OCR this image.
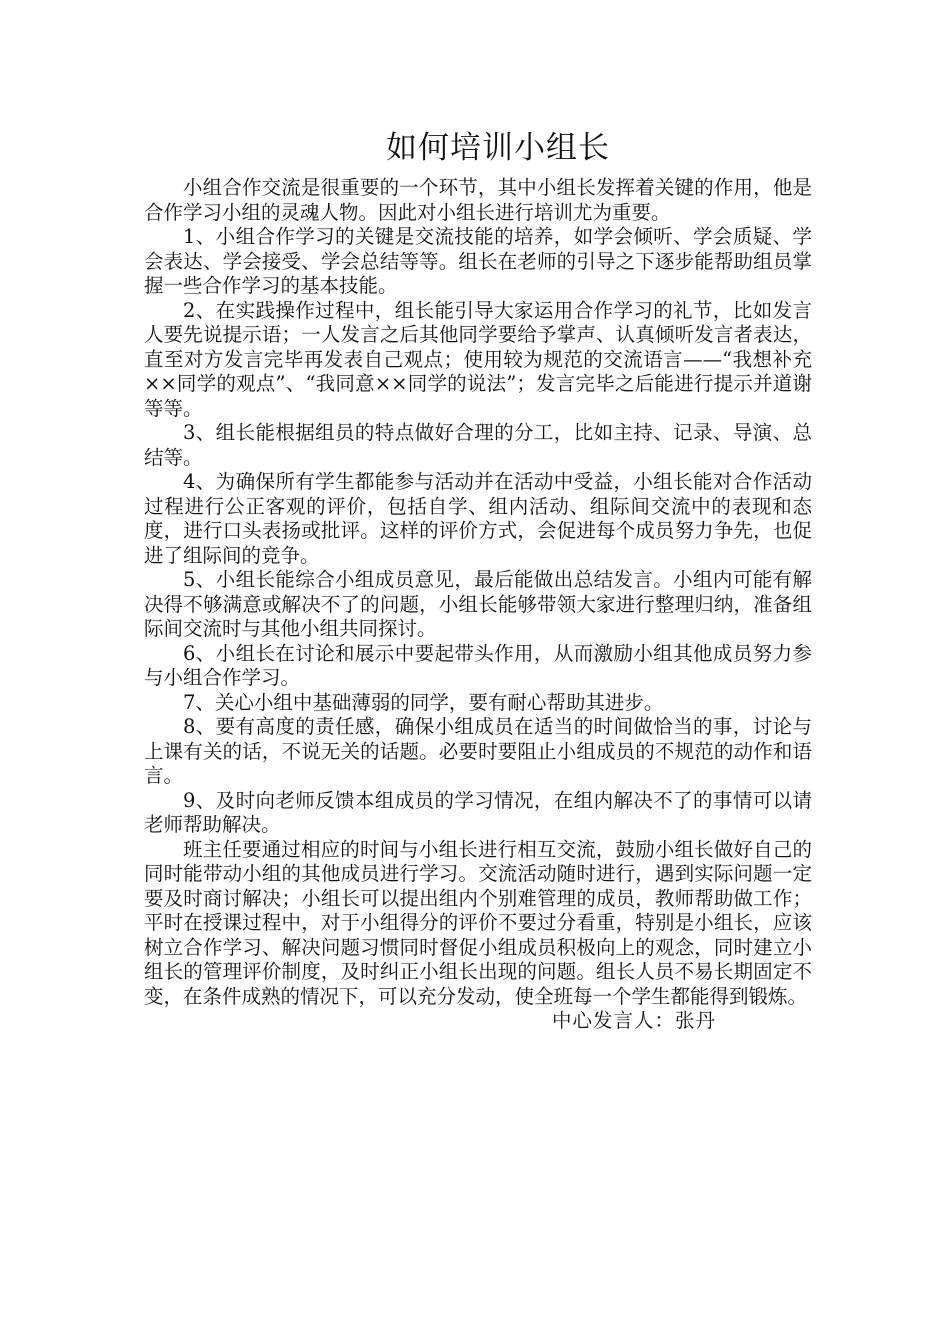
如何培训小组长

小组合作交流是很重要的一个环节，其中小组长发挥着关键的作用，他是合作学习小组的灵魂人物。因此对小组长进行培训尤为重要。

1、小组合作学习的关键是交流技能的培养，如学会倾听、学会质疑、学会表达、学会接受、学会总结等等。组长在老师的引导之下逐步能帮助组员掌握一些合作学习的基本技能。

2、在实践操作过程中，组长能引导大家运用合作学习的礼节，比如发言人要先说提示语；一人发言之后其他同学要给予掌声、认真倾听发言者表达，直至对方发言完毕再发表自己观点；使用较为规范的交流语言——“我想补充××同学的观点”、“我同意××同学的说法”；发言完毕之后能进行提示并道谢等等。

3、组长能根据组员的特点做好合理的分工，比如主持、记录、导演、总结等。

4、为确保所有学生都能参与活动并在活动中受益，小组长能对合作活动过程进行公正客观的评价，包括自学、组内活动、组际间交流中的表现和态度，进行口头表扬或批评。这样的评价方式，会促进每个成员努力争先，也促进了组际间的竞争。

5、小组长能综合小组成员意见，最后能做出总结发言。小组内可能有解决得不够满意或解决不了的问题，小组长能够带领大家进行整理归纳，准备组际间交流时与其他小组共同探讨。

6、小组长在讨论和展示中要起带头作用，从而激励小组其他成员努力参与小组合作学习。

7、关心小组中基础薄弱的同学，要有耐心帮助其进步。

8、要有高度的责任感，确保小组成员在适当的时间做恰当的事，讨论与上课有关的话，不说无关的话题。必要时要阻止小组成员的不规范的动作和语言。

9、及时向老师反馈本组成员的学习情况，在组内解决不了的事情可以请老师帮助解决。

班主任要通过相应的时间与小组长进行相互交流，鼓励小组长做好自己的同时能带动小组的其他成员进行学习。交流活动随时进行，遇到实际问题一定要及时商讨解决；小组长可以提出组内个别难管理的成员，教师帮助做工作；平时在授课过程中，对于小组得分的评价不要过分看重，特别是小组长，应该树立合作学习、解决问题习惯同时督促小组成员积极向上的观念，同时建立小组长的管理评价制度，及时纠正小组长出现的问题。组长人员不易长期固定不变，在条件成熟的情况下，可以充分发动，使全班每一个学生都能得到锻炼。

中心发言人：张丹
